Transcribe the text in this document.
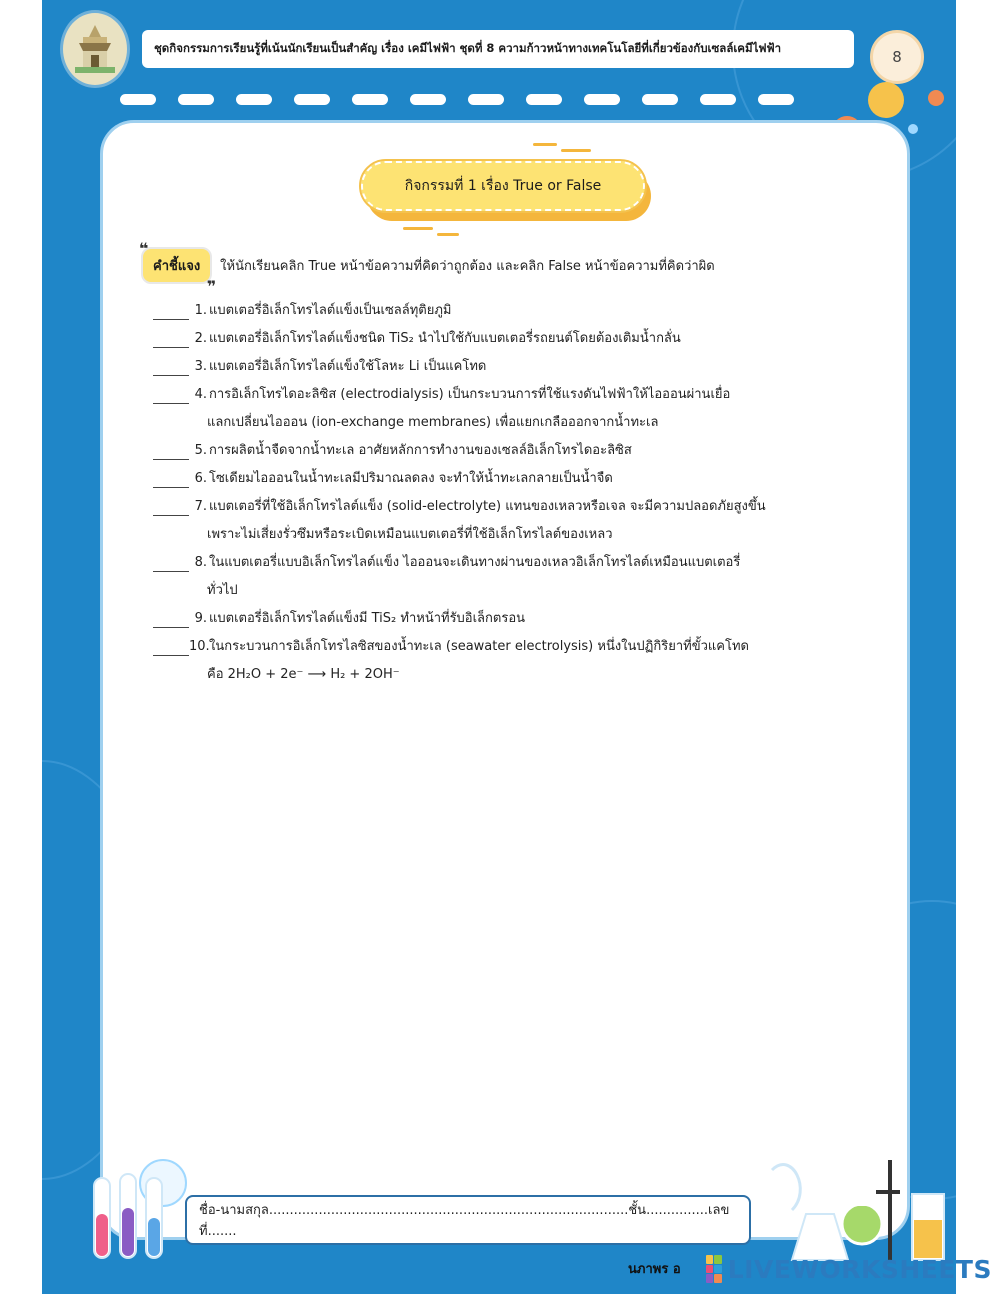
ชุดกิจกรรมการเรียนรู้ที่เน้นนักเรียนเป็นสำคัญ เรื่อง เคมีไฟฟ้า ชุดที่ 8 ความก้าวหน้าทางเทคโนโลยีที่เกี่ยวข้องกับเซลล์เคมีไฟฟ้า	8
กิจกรรมที่ 1 เรื่อง True or False
❝
คำชี้แจง
❞
ให้นักเรียนคลิก True หน้าข้อความที่คิดว่าถูกต้อง และคลิก False หน้าข้อความที่คิดว่าผิด
1. แบตเตอรี่อิเล็กโทรไลต์แข็งเป็นเซลล์ทุติยภูมิ
2. แบตเตอรี่อิเล็กโทรไลต์แข็งชนิด TiS₂ นำไปใช้กับแบตเตอรี่รถยนต์โดยต้องเติมน้ำกลั่น
3. แบตเตอรี่อิเล็กโทรไลต์แข็งใช้โลหะ Li เป็นแคโทด
4. การอิเล็กโทรไดอะลิซิส (electrodialysis) เป็นกระบวนการที่ใช้แรงดันไฟฟ้าให้ไอออนผ่านเยื่อ
แลกเปลี่ยนไอออน (ion-exchange membranes) เพื่อแยกเกลือออกจากน้ำทะเล
5. การผลิตน้ำจืดจากน้ำทะเล อาศัยหลักการทำงานของเซลล์อิเล็กโทรไดอะลิซิส
6. โซเดียมไอออนในน้ำทะเลมีปริมาณลดลง จะทำให้น้ำทะเลกลายเป็นน้ำจืด
7. แบตเตอรี่ที่ใช้อิเล็กโทรไลต์แข็ง (solid-electrolyte) แทนของเหลวหรือเจล จะมีความปลอดภัยสูงขึ้น
เพราะไม่เสี่ยงรั่วซึมหรือระเบิดเหมือนแบตเตอรี่ที่ใช้อิเล็กโทรไลต์ของเหลว
8. ในแบตเตอรี่แบบอิเล็กโทรไลต์แข็ง ไอออนจะเดินทางผ่านของเหลวอิเล็กโทรไลต์เหมือนแบตเตอรี่
ทั่วไป
9. แบตเตอรี่อิเล็กโทรไลต์แข็งมี TiS₂ ทำหน้าที่รับอิเล็กตรอน
10. ในกระบวนการอิเล็กโทรไลซิสของน้ำทะเล (seawater electrolysis) หนึ่งในปฏิกิริยาที่ขั้วแคโทด
คือ 2H₂O + 2e⁻ ⟶ H₂ + 2OH⁻
ชื่อ-นามสกุล.......................................................................................ชั้น...............เลขที่.......
นภาพร อ LIVEWORKSHEETS
